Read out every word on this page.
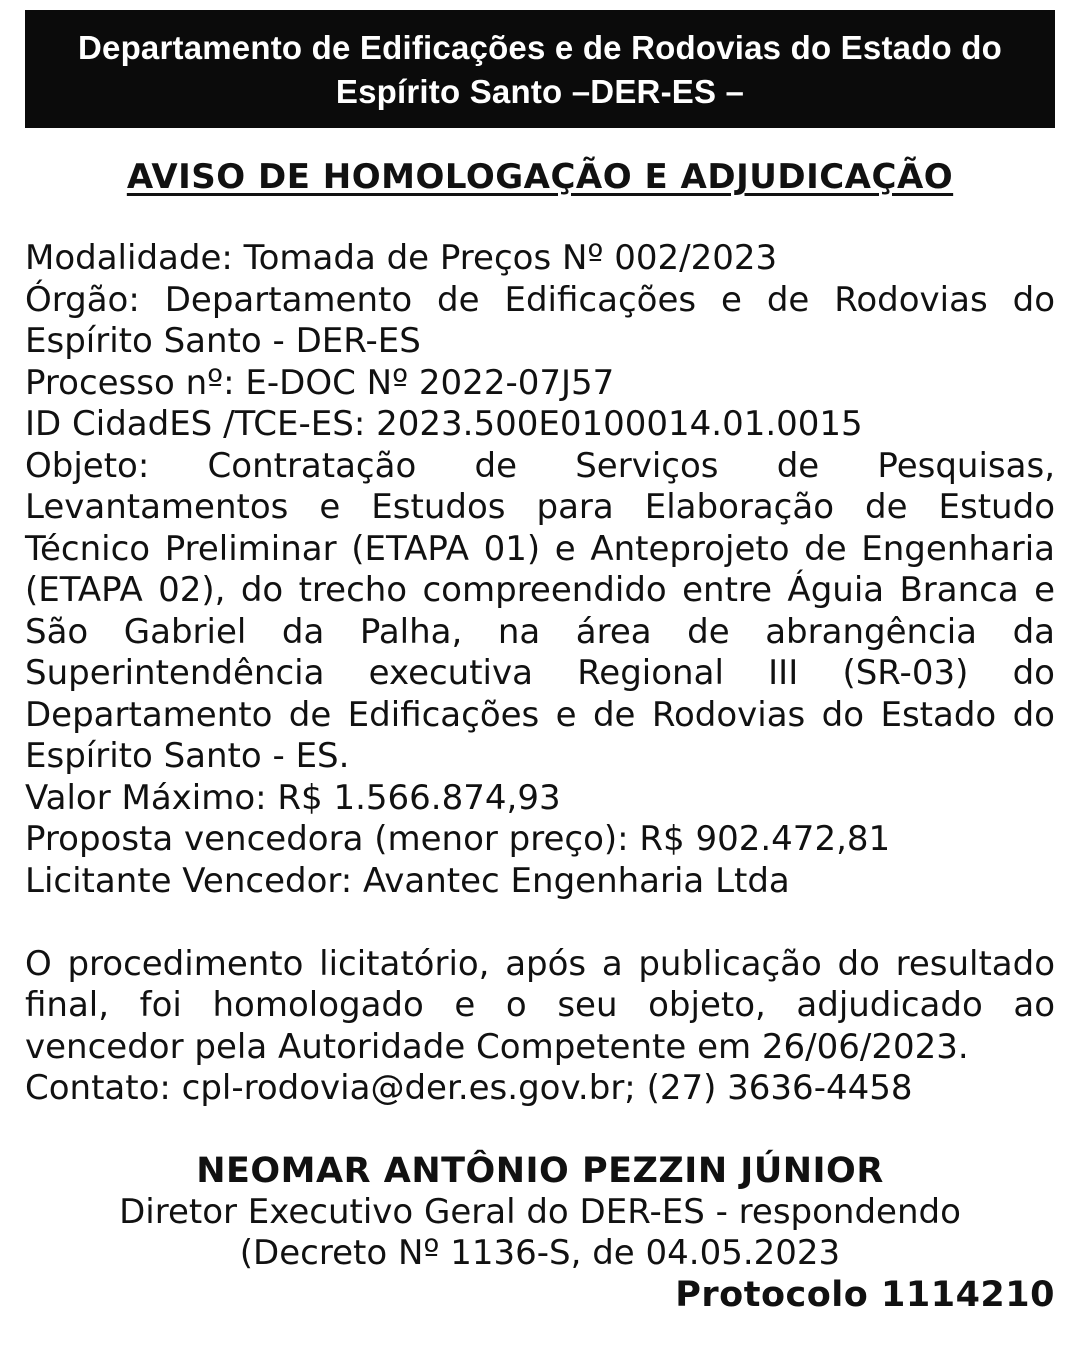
Departamento de Edificações e de Rodovias do Estado do
Espírito Santo –DER-ES –
AVISO DE HOMOLOGAÇÃO E ADJUDICAÇÃO

Modalidade: Tomada de Preços Nº 002/2023

Órgão: Departamento de Edificações e de Rodovias do Espírito Santo - DER-ES

Processo nº: E-DOC Nº 2022-07J57

ID CidadES /TCE-ES: 2023.500E0100014.01.0015

Objeto: Contratação de Serviços de Pesquisas, Levantamentos e Estudos para Elaboração de Estudo Técnico Preliminar (ETAPA 01) e Anteprojeto de Engenharia (ETAPA 02), do trecho compreendido entre Águia Branca e São Gabriel da Palha, na área de abrangência da Superintendência executiva Regional III (SR-03) do Departamento de Edificações e de Rodovias do Estado do Espírito Santo - ES.

Valor Máximo: R$ 1.566.874,93

Proposta vencedora (menor preço): R$ 902.472,81

Licitante Vencedor: Avantec Engenharia Ltda

O procedimento licitatório, após a publicação do resultado final, foi homologado e o seu objeto, adjudicado ao vencedor pela Autoridade Competente em 26/06/2023.

Contato: cpl-rodovia@der.es.gov.br; (27) 3636-4458

NEOMAR ANTÔNIO PEZZIN JÚNIOR
Diretor Executivo Geral do DER-ES - respondendo
(Decreto Nº 1136-S, de 04.05.2023
Protocolo 1114210
